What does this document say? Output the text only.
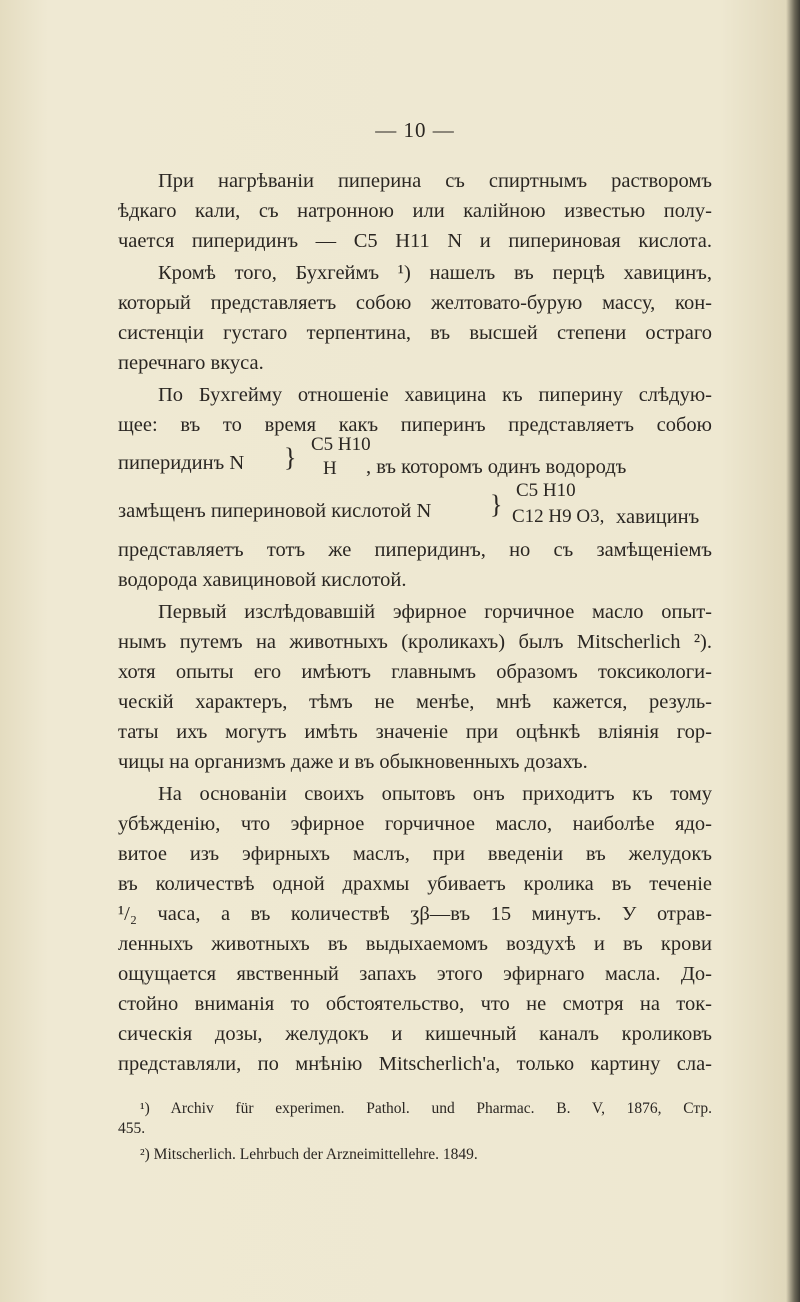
— 10 —
При нагрѣваніи пиперина съ спиртнымъ растворомъ
ѣдкаго кали, съ натронною или калійною известью полу-
чается пиперидинъ — C5 H11 N и пипериновая кислота.
Кромѣ того, Бухгеймъ ¹) нашелъ въ перцѣ хавицинъ,
который представляетъ собою желтовато-бурую массу, кон-
систенціи густаго терпентина, въ высшей степени остраго
перечнаго вкуса.
По Бухгейму отношеніе хавицина къ пиперину слѣдую-
щее: въ то время какъ пиперинъ представляетъ собою
пиперидинъ N } C5 H10
H , въ которомъ одинъ водородъ
замѣщенъ пипериновой кислотой N } C5 H10
C12 H9 O3, хавицинъ
представляетъ тотъ же пиперидинъ, но съ замѣщеніемъ
водорода хавициновой кислотой.
Первый изслѣдовавшій эфирное горчичное масло опыт-
нымъ путемъ на животныхъ (кроликахъ) былъ Mitscherlich ²).
хотя опыты его имѣютъ главнымъ образомъ токсикологи-
ческій характеръ, тѣмъ не менѣе, мнѣ кажется, резуль-
таты ихъ могутъ имѣть значеніе при оцѣнкѣ вліянія гор-
чицы на организмъ даже и въ обыкновенныхъ дозахъ.
На основаніи своихъ опытовъ онъ приходитъ къ тому
убѣжденію, что эфирное горчичное масло, наиболѣе ядо-
витое изъ эфирныхъ маслъ, при введеніи въ желудокъ
въ количествѣ одной драхмы убиваетъ кролика въ теченіе
¹/₂ часа, а въ количествѣ ʒβ—въ 15 минутъ. У отрав-
ленныхъ животныхъ въ выдыхаемомъ воздухѣ и въ крови
ощущается явственный запахъ этого эфирнаго масла. До-
стойно вниманія то обстоятельство, что не смотря на ток-
сическія дозы, желудокъ и кишечный каналъ кроликовъ
представляли, по мнѣнію Mitscherlich'а, только картину сла-
¹) Archiv für experimen. Pathol. und Pharmac. B. V, 1876, Стр.
455.
²) Mitscherlich. Lehrbuch der Arzneimittellehre. 1849.
